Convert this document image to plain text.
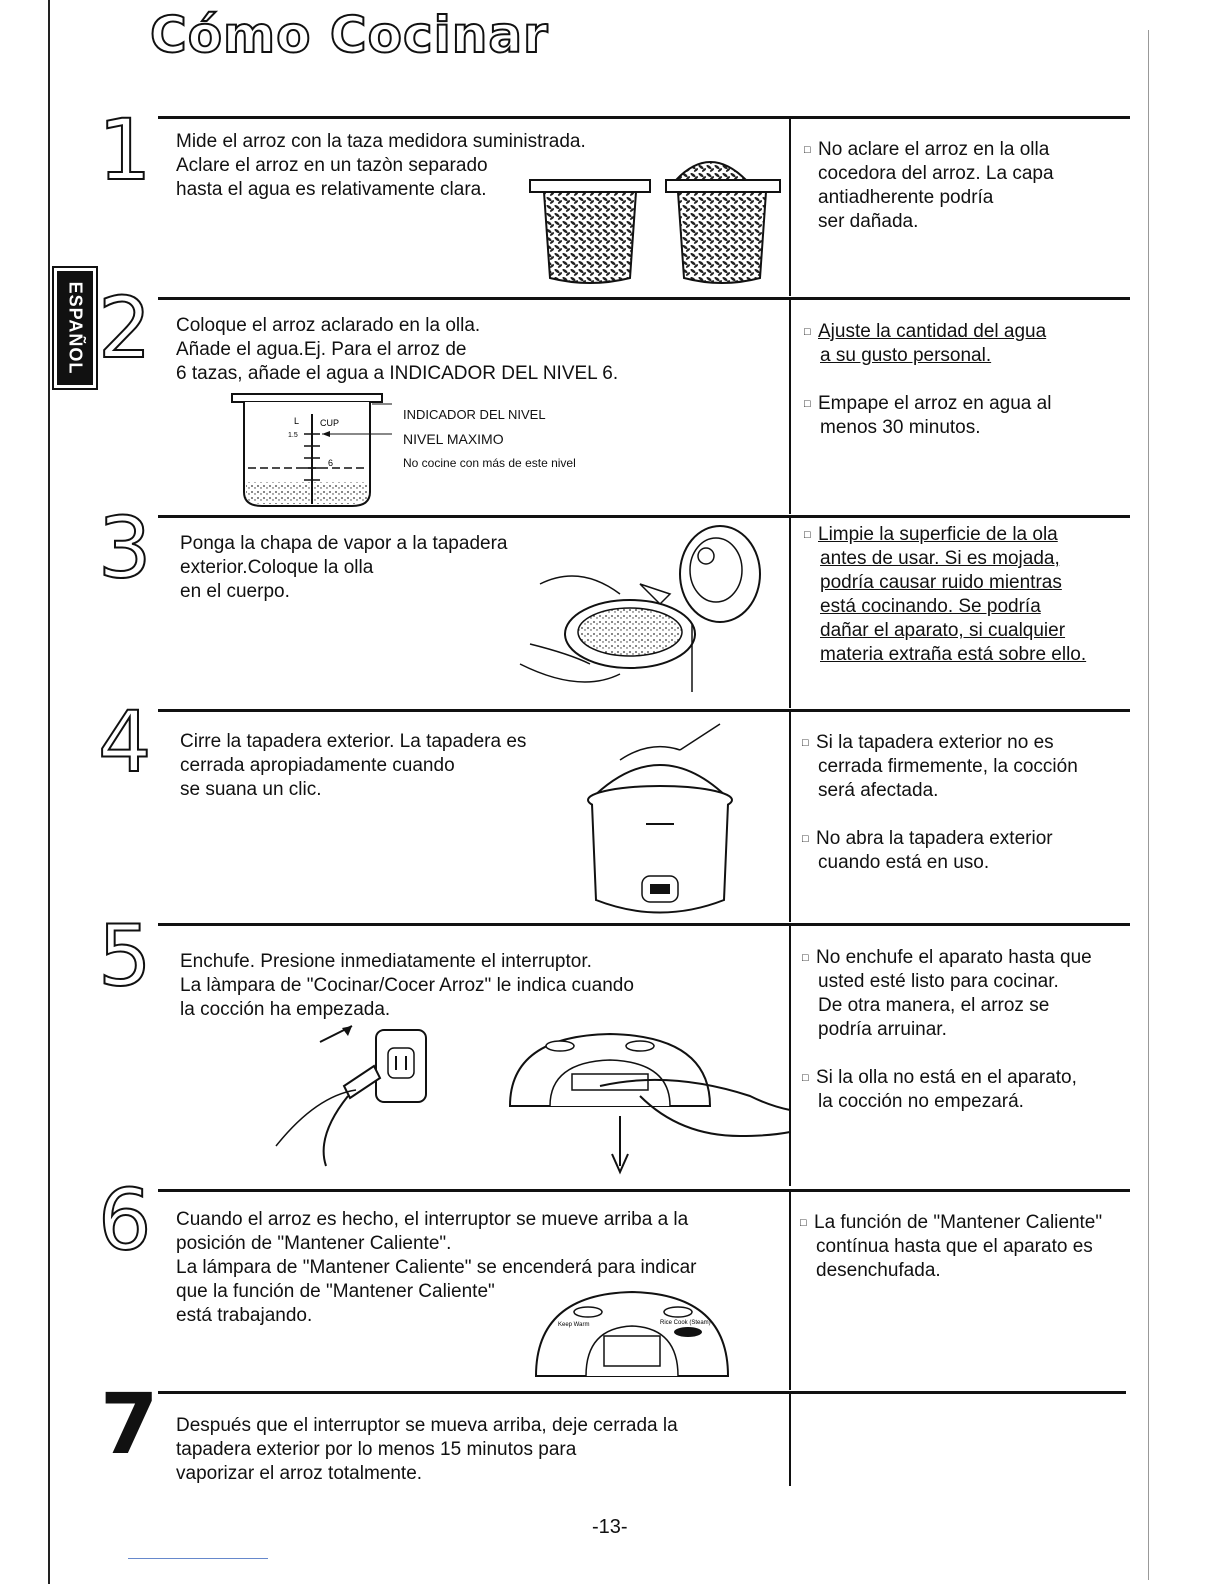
Cómo Cocinar
ESPAÑOL
1 Mide el arroz con la taza medidora suministrada.
Aclare el arroz en un tazòn separado
hasta el agua es relativamente clara.
□ No aclare el arroz en la olla
cocedora del arroz. La capa
antiadherente podría
ser dañada.
2 Coloque el arroz aclarado en la olla.
Añade el agua.Ej. Para el arroz de
6 tazas, añade el agua a INDICADOR DEL NIVEL 6.
L CUP
1.5
6
INDICADOR DEL NIVEL
NIVEL MAXIMO
No cocine con más de este nivel
□ Ajuste la cantidad del agua
a su gusto personal.
□ Empape el arroz en agua al
menos 30 minutos.
3 Ponga la chapa de vapor a la tapadera
exterior.Coloque la olla
en el cuerpo.
□ Limpie la superficie de la ola
antes de usar. Si es mojada,
podría causar ruido mientras
está cocinando. Se podría
dañar el aparato, si cualquier
materia extraña está sobre ello.
4 Cirre la tapadera exterior. La tapadera es
cerrada apropiadamente cuando
se suana un clic.
□ Si la tapadera exterior no es
cerrada firmemente, la cocción
será afectada.
□ No abra la tapadera exterior
cuando está en uso.
5 Enchufe. Presione inmediatamente el interruptor.
La làmpara de "Cocinar/Cocer Arroz" le indica cuando
la cocción ha empezada.
□ No enchufe el aparato hasta que
usted esté listo para cocinar.
De otra manera, el arroz se
podría arruinar.
□ Si la olla no está en el aparato,
la cocción no empezará.
6 Cuando el arroz es hecho, el interruptor se mueve arriba a la
posición de "Mantener Caliente".
La lámpara de "Mantener Caliente" se encenderá para indicar
que la función de "Mantener Caliente"
está trabajando.	Keep Warm	Rice Cook (Steam)
□ La función de "Mantener Caliente"
contínua hasta que el aparato es
desenchufada.
7 Después que el interruptor se mueva arriba, deje cerrada la
tapadera exterior por lo menos 15 minutos para
vaporizar el arroz totalmente.
-13-
